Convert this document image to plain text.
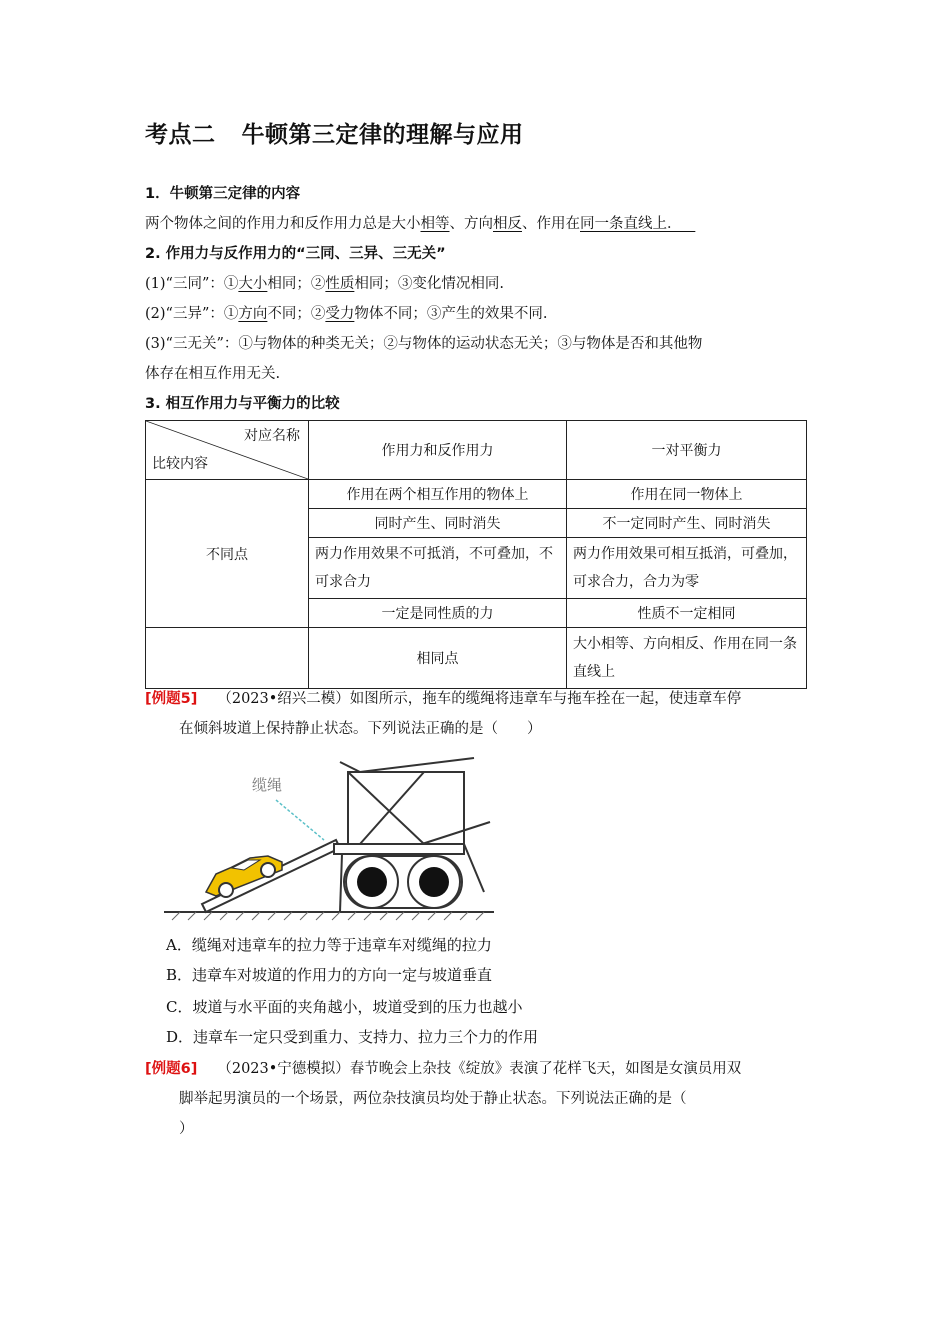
考点二 牛顿第三定律的理解与应用
1．牛顿第三定律的内容
两个物体之间的作用力和反作用力总是大小相等、方向相反、作用在同一条直线上．
2. 作用力与反作用力的“三同、三异、三无关”
(1)“三同”：①大小相同；②性质相同；③变化情况相同.
(2)“三异”：①方向不同；②受力物体不同；③产生的效果不同.
(3)“三无关”：①与物体的种类无关；②与物体的运动状态无关；③与物体是否和其他物
体存在相互作用无关.
3. 相互作用力与平衡力的比较
对应名称
比较内容	作用力和反作用力	一对平衡力
不同点	作用在两个相互作用的物体上	作用在同一物体上
	同时产生、同时消失	不一定同时产生、同时消失
	两力作用效果不可抵消，不可叠加，不可求合力	两力作用效果可相互抵消，可叠加，可求合力，合力为零
	一定是同性质的力	性质不一定相同
	相同点	大小相等、方向相反、作用在同一条直线上
[例题5] （2023•绍兴二模）如图所示，拖车的缆绳将违章车与拖车拴在一起，使违章车停
在倾斜坡道上保持静止状态。下列说法正确的是（　　）
缆绳
A．缆绳对违章车的拉力等于违章车对缆绳的拉力
B．违章车对坡道的作用力的方向一定与坡道垂直
C．坡道与水平面的夹角越小，坡道受到的压力也越小
D．违章车一定只受到重力、支持力、拉力三个力的作用
[例题6] （2023•宁德模拟）春节晚会上杂技《绽放》表演了花样飞天，如图是女演员用双
脚举起男演员的一个场景，两位杂技演员均处于静止状态。下列说法正确的是（
）
